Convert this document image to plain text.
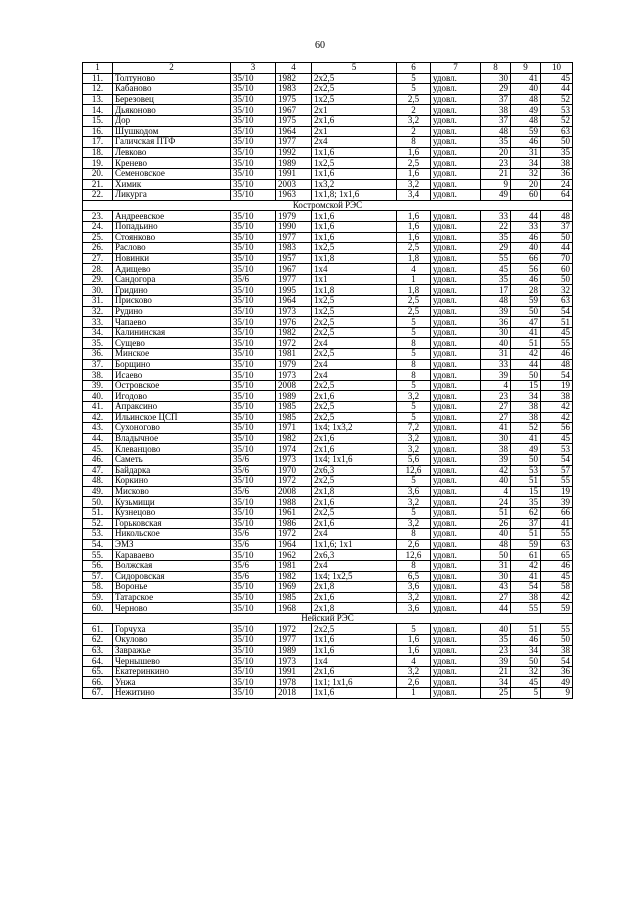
60
1	2	3	4	5	6	7	8	9	10
11.	Толтуново	35/10	1982	2х2,5	5	удовл.	30	41	45
12.	Кабаново	35/10	1983	2х2,5	5	удовл.	29	40	44
13.	Березовец	35/10	1975	1х2,5	2,5	удовл.	37	48	52
14.	Дьяконово	35/10	1967	2х1	2	удовл.	38	49	53
15.	Дор	35/10	1975	2х1,6	3,2	удовл.	37	48	52
16.	Шушкодом	35/10	1964	2х1	2	удовл.	48	59	63
17.	Галичская ПТФ	35/10	1977	2х4	8	удовл.	35	46	50
18.	Левково	35/10	1992	1х1,6	1,6	удовл.	20	31	35
19.	Кренево	35/10	1989	1х2,5	2,5	удовл.	23	34	38
20.	Семеновское	35/10	1991	1х1,6	1,6	удовл.	21	32	36
21.	Химик	35/10	2003	1х3,2	3,2	удовл.	9	20	24
22.	Ликурга	35/10	1963	1х1,8; 1х1,6	3,4	удовл.	49	60	64
Костромской РЭС									
23.	Андреевское	35/10	1979	1х1,6	1,6	удовл.	33	44	48
24.	Попадьино	35/10	1990	1х1,6	1,6	удовл.	22	33	37
25.	Стоянково	35/10	1977	1х1,6	1,6	удовл.	35	46	50
26.	Раслово	35/10	1983	1х2,5	2,5	удовл.	29	40	44
27.	Новинки	35/10	1957	1х1,8	1,8	удовл.	55	66	70
28.	Адищево	35/10	1967	1х4	4	удовл.	45	56	60
29.	Сандогора	35/6	1977	1х1	1	удовл.	35	46	50
30.	Гридино	35/10	1995	1х1,8	1,8	удовл.	17	28	32
31.	Присково	35/10	1964	1х2,5	2,5	удовл.	48	59	63
32.	Рудино	35/10	1973	1х2,5	2,5	удовл.	39	50	54
33.	Чапаево	35/10	1976	2х2,5	5	удовл.	36	47	51
34.	Калининская	35/10	1982	2х2,5	5	удовл.	30	41	45
35.	Сущево	35/10	1972	2х4	8	удовл.	40	51	55
36.	Минское	35/10	1981	2х2,5	5	удовл.	31	42	46
37.	Борщино	35/10	1979	2х4	8	удовл.	33	44	48
38.	Исаево	35/10	1973	2х4	8	удовл.	39	50	54
39.	Островское	35/10	2008	2х2,5	5	удовл.	4	15	19
40.	Игодово	35/10	1989	2х1,6	3,2	удовл.	23	34	38
41.	Апраксино	35/10	1985	2х2,5	5	удовл.	27	38	42
42.	Ильинское ЦСП	35/10	1985	2х2,5	5	удовл.	27	38	42
43.	Сухоногово	35/10	1971	1х4; 1х3,2	7,2	удовл.	41	52	56
44.	Владычное	35/10	1982	2х1,6	3,2	удовл.	30	41	45
45.	Клеванцово	35/10	1974	2х1,6	3,2	удовл.	38	49	53
46.	Саметь	35/6	1973	1х4; 1х1,6	5,6	удовл.	39	50	54
47.	Байдарка	35/6	1970	2х6,3	12,6	удовл.	42	53	57
48.	Коркино	35/10	1972	2х2,5	5	удовл.	40	51	55
49.	Мисково	35/6	2008	2х1,8	3,6	удовл.	4	15	19
50.	Кузьмищи	35/10	1988	2х1,6	3,2	удовл.	24	35	39
51.	Кузнецово	35/10	1961	2х2,5	5	удовл.	51	62	66
52.	Горьковская	35/10	1986	2х1,6	3,2	удовл.	26	37	41
53.	Никольское	35/6	1972	2х4	8	удовл.	40	51	55
54.	ЭМЗ	35/6	1964	1х1,6; 1х1	2,6	удовл.	48	59	63
55.	Караваево	35/10	1962	2х6,3	12,6	удовл.	50	61	65
56.	Волжская	35/6	1981	2х4	8	удовл.	31	42	46
57.	Сидоровская	35/6	1982	1х4; 1х2,5	6,5	удовл.	30	41	45
58.	Воронье	35/10	1969	2х1,8	3,6	удовл.	43	54	58
59.	Татарское	35/10	1985	2х1,6	3,2	удовл.	27	38	42
60.	Черново	35/10	1968	2х1,8	3,6	удовл.	44	55	59
Нейский РЭС									
61.	Горчуха	35/10	1972	2х2,5	5	удовл.	40	51	55
62.	Окулово	35/10	1977	1х1,6	1,6	удовл.	35	46	50
63.	Завражье	35/10	1989	1х1,6	1,6	удовл.	23	34	38
64.	Чернышево	35/10	1973	1х4	4	удовл.	39	50	54
65.	Екатеринкино	35/10	1991	2х1,6	3,2	удовл.	21	32	36
66.	Унжа	35/10	1978	1х1; 1х1,6	2,6	удовл.	34	45	49
67.	Нежитино	35/10	2018	1х1,6	1	удовл.	25	5	9
